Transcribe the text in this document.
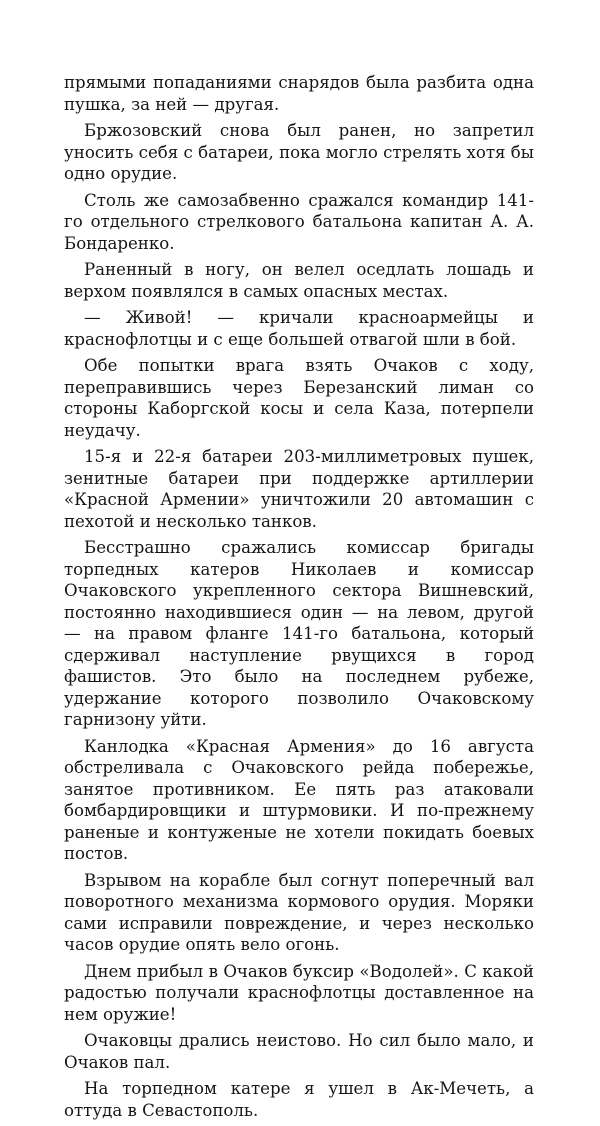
прямыми попаданиями снарядов была разбита одна пушка, за ней — другая.

Бржозовский снова был ранен, но запретил уносить себя с батареи, пока могло стрелять хотя бы одно орудие.

Столь же самозабвенно сражался командир 141-го отдельного стрелкового батальона капитан А. А. Бондаренко.

Раненный в ногу, он велел оседлать лошадь и верхом появлялся в самых опасных местах.

— Живой! — кричали красноармейцы и краснофлотцы и с еще большей отвагой шли в бой.

Обе попытки врага взять Очаков с ходу, переправившись через Березанский лиман со стороны Каборгской косы и села Каза, потерпели неудачу.

15-я и 22-я батареи 203-миллиметровых пушек, зенитные батареи при поддержке артиллерии «Красной Армении» уничтожили 20 автомашин с пехотой и несколько танков.

Бесстрашно сражались комиссар бригады торпедных катеров Николаев и комиссар Очаковского укрепленного сектора Вишневский, постоянно находившиеся один — на левом, другой — на правом фланге 141-го батальона, который сдерживал наступление рвущихся в город фашистов. Это было на последнем рубеже, удержание которого позволило Очаковскому гарнизону уйти.

Канлодка «Красная Армения» до 16 августа обстреливала с Очаковского рейда побережье, занятое противником. Ее пять раз атаковали бомбардировщики и штурмовики. И по-прежнему раненые и контуженые не хотели покидать боевых постов.

Взрывом на корабле был согнут поперечный вал поворотного механизма кормового орудия. Моряки сами исправили повреждение, и через несколько часов орудие опять вело огонь.

Днем прибыл в Очаков буксир «Водолей». С какой радостью получали краснофлотцы доставленное на нем оружие!

Очаковцы дрались неистово. Но сил было мало, и Очаков пал.

На торпедном катере я ушел в Ак-Мечеть, а оттуда в Севастополь.
